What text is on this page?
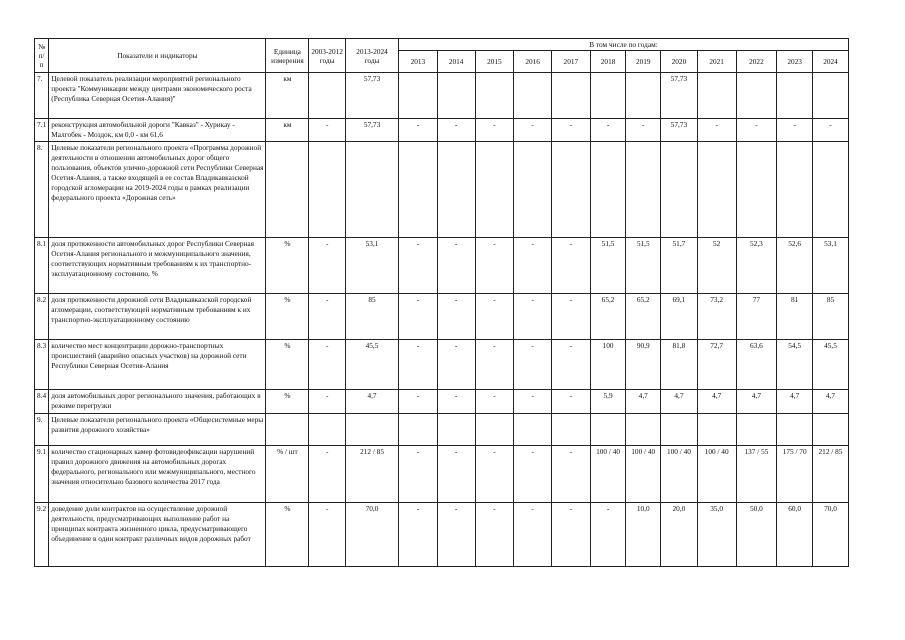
№ п/п	Показатели и индикаторы	Единица измерения	2003-2012 годы	2013-2024 годы	В том числе по годам:											
					2013	2014	2015	2016	2017	2018	2019	2020	2021	2022	2023	2024
7.	Целевой показатель реализации мероприятий регионального проекта "Коммуникации между центрами экономического роста (Республика Северная Осетия-Алания)"	км		57,73								57,73				
7.1	реконструкция автомобильной дороги "Кавказ" - Хурикау - Малгобек - Моздок, км 0,0 - км 61,6	км	-	57,73	-	-	-	-	-	-	-	57,73	-	-	-	-
8.	Целевые показатели регионального проекта «Программа дорожной деятельности в отношении автомобильных дорог общего пользования, объектов улично-дорожной сети Республики Северная Осетия-Алания, а также входящей в ее состав Владикавказской городской агломерации на 2019-2024 годы в рамках реализации федерального проекта «Дорожная сеть»															
8.1	доля протяженности автомобильных дорог Республики Северная Осетия-Алания регионального и межмуниципального значения, соответствующих нормативным требованиям к их транспортно-эксплуатационному состоянию, %	%	-	53,1	-	-	-	-	-	51,5	51,5	51,7	52	52,3	52,6	53,1
8.2	доля протяженности дорожной сети Владикавказской городской агломерации, соответствующей нормативным требованиям к их транспортно-эксплуатационному состоянию	%	-	85	-	-	-	-	-	65,2	65,2	69,1	73,2	77	81	85
8.3	количество мест концентрации дорожно-транспортных происшествий (аварийно опасных участков) на дорожной сети Республики Северная Осетия-Алания	%	-	45,5	-	-	-	-	-	100	90,9	81,8	72,7	63,6	54,5	45,5
8.4	доля автомобильных дорог регионального значения, работающих в режиме перегрузки	%	-	4,7	-	-	-	-	-	5,9	4,7	4,7	4,7	4,7	4,7	4,7
9.	Целевые показатели регионального проекта «Общесистемные меры развития дорожного хозяйства»															
9.1	количество стационарных камер фотовидеофиксации нарушений правил дорожного движения на автомобильных дорогах федерального, регионального или межмуниципального, местного значения относительно базового количества 2017 года	% / шт	-	212 / 85	-	-	-	-	-	100 / 40	100 / 40	100 / 40	100 / 40	137 / 55	175 / 70	212 / 85
9.2	доведение доли контрактов на осуществление дорожной деятельности, предусматривающих выполнение работ на принципах контракта жизненного цикла, предусматривающего объединение в один контракт различных видов дорожных работ	%	-	70,0	-	-	-	-	-	-	10,0	20,0	35,0	50,0	60,0	70,0
